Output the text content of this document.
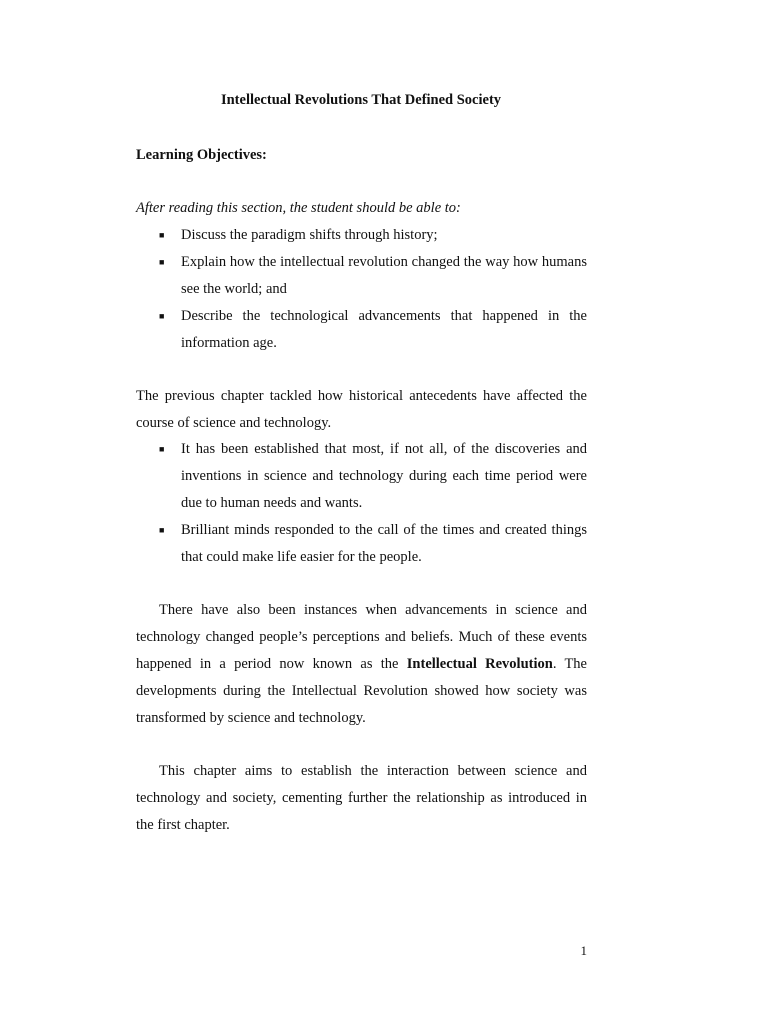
Intellectual Revolutions That Defined Society
Learning Objectives:
After reading this section, the student should be able to:
■ Discuss the paradigm shifts through history;
■ Explain how the intellectual revolution changed the way how humans see the world; and
■ Describe the technological advancements that happened in the information age.

The previous chapter tackled how historical antecedents have affected the course of science and technology.

■ It has been established that most, if not all, of the discoveries and inventions in science and technology during each time period were due to human needs and wants.
■ Brilliant minds responded to the call of the times and created things that could make life easier for the people.

There have also been instances when advancements in science and technology changed people’s perceptions and beliefs. Much of these events happened in a period now known as the Intellectual Revolution. The developments during the Intellectual Revolution showed how society was transformed by science and technology.

This chapter aims to establish the interaction between science and technology and society, cementing further the relationship as introduced in the first chapter.

1
